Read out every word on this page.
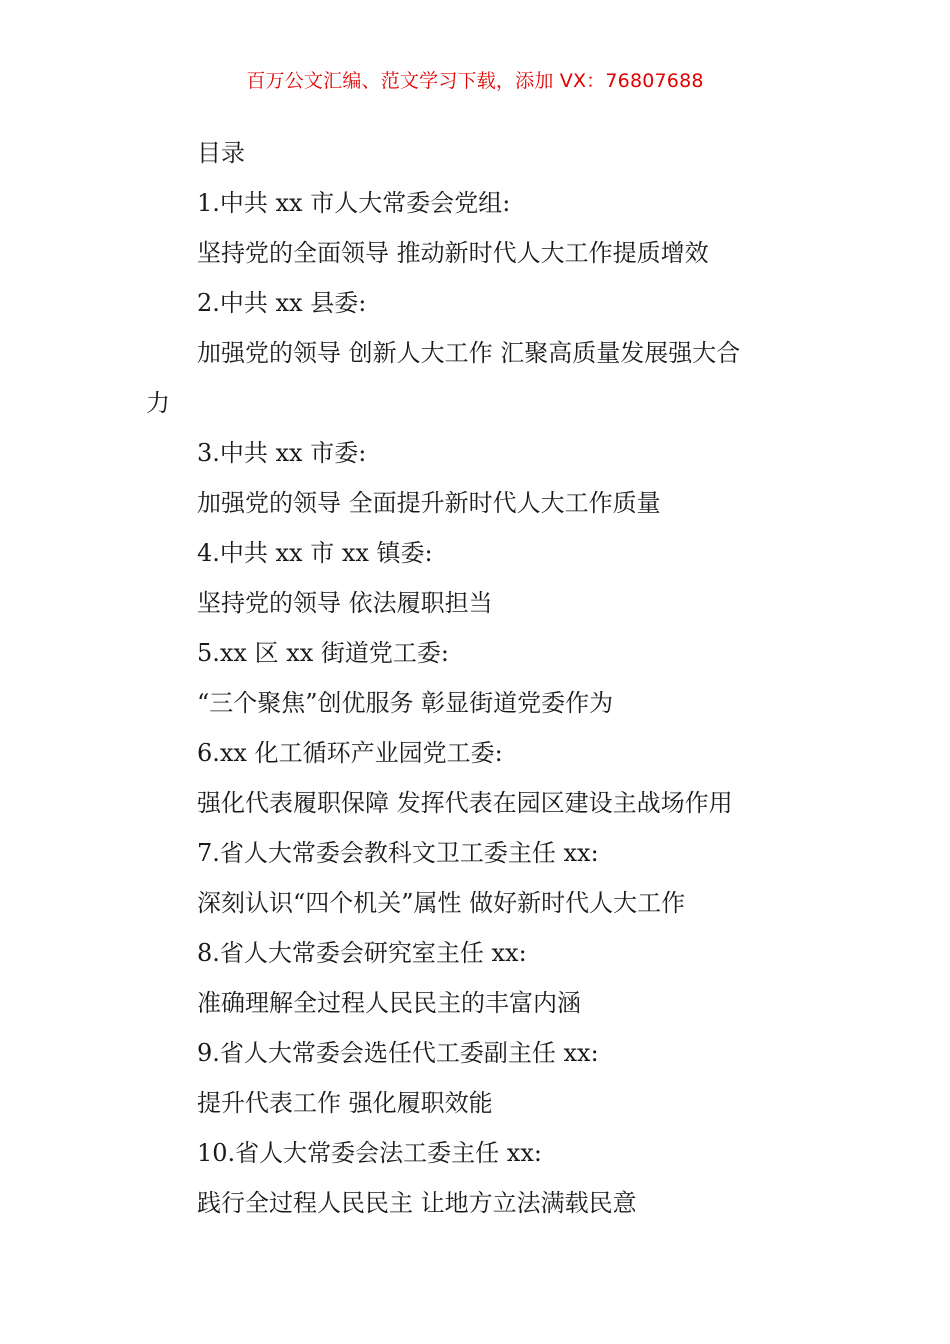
百万公文汇编、范文学习下载，添加 VX：76807688

目录

1.中共 xx 市人大常委会党组:

坚持党的全面领导 推动新时代人大工作提质增效

2.中共 xx 县委:

加强党的领导 创新人大工作 汇聚高质量发展强大合

力

3.中共 xx 市委:

加强党的领导 全面提升新时代人大工作质量

4.中共 xx 市 xx 镇委:

坚持党的领导 依法履职担当

5.xx 区 xx 街道党工委:

“三个聚焦”创优服务 彰显街道党委作为

6.xx 化工循环产业园党工委:

强化代表履职保障 发挥代表在园区建设主战场作用

7.省人大常委会教科文卫工委主任 xx:

深刻认识“四个机关”属性 做好新时代人大工作

8.省人大常委会研究室主任 xx:

准确理解全过程人民民主的丰富内涵

9.省人大常委会选任代工委副主任 xx:

提升代表工作 强化履职效能

10.省人大常委会法工委主任 xx:

践行全过程人民民主 让地方立法满载民意
